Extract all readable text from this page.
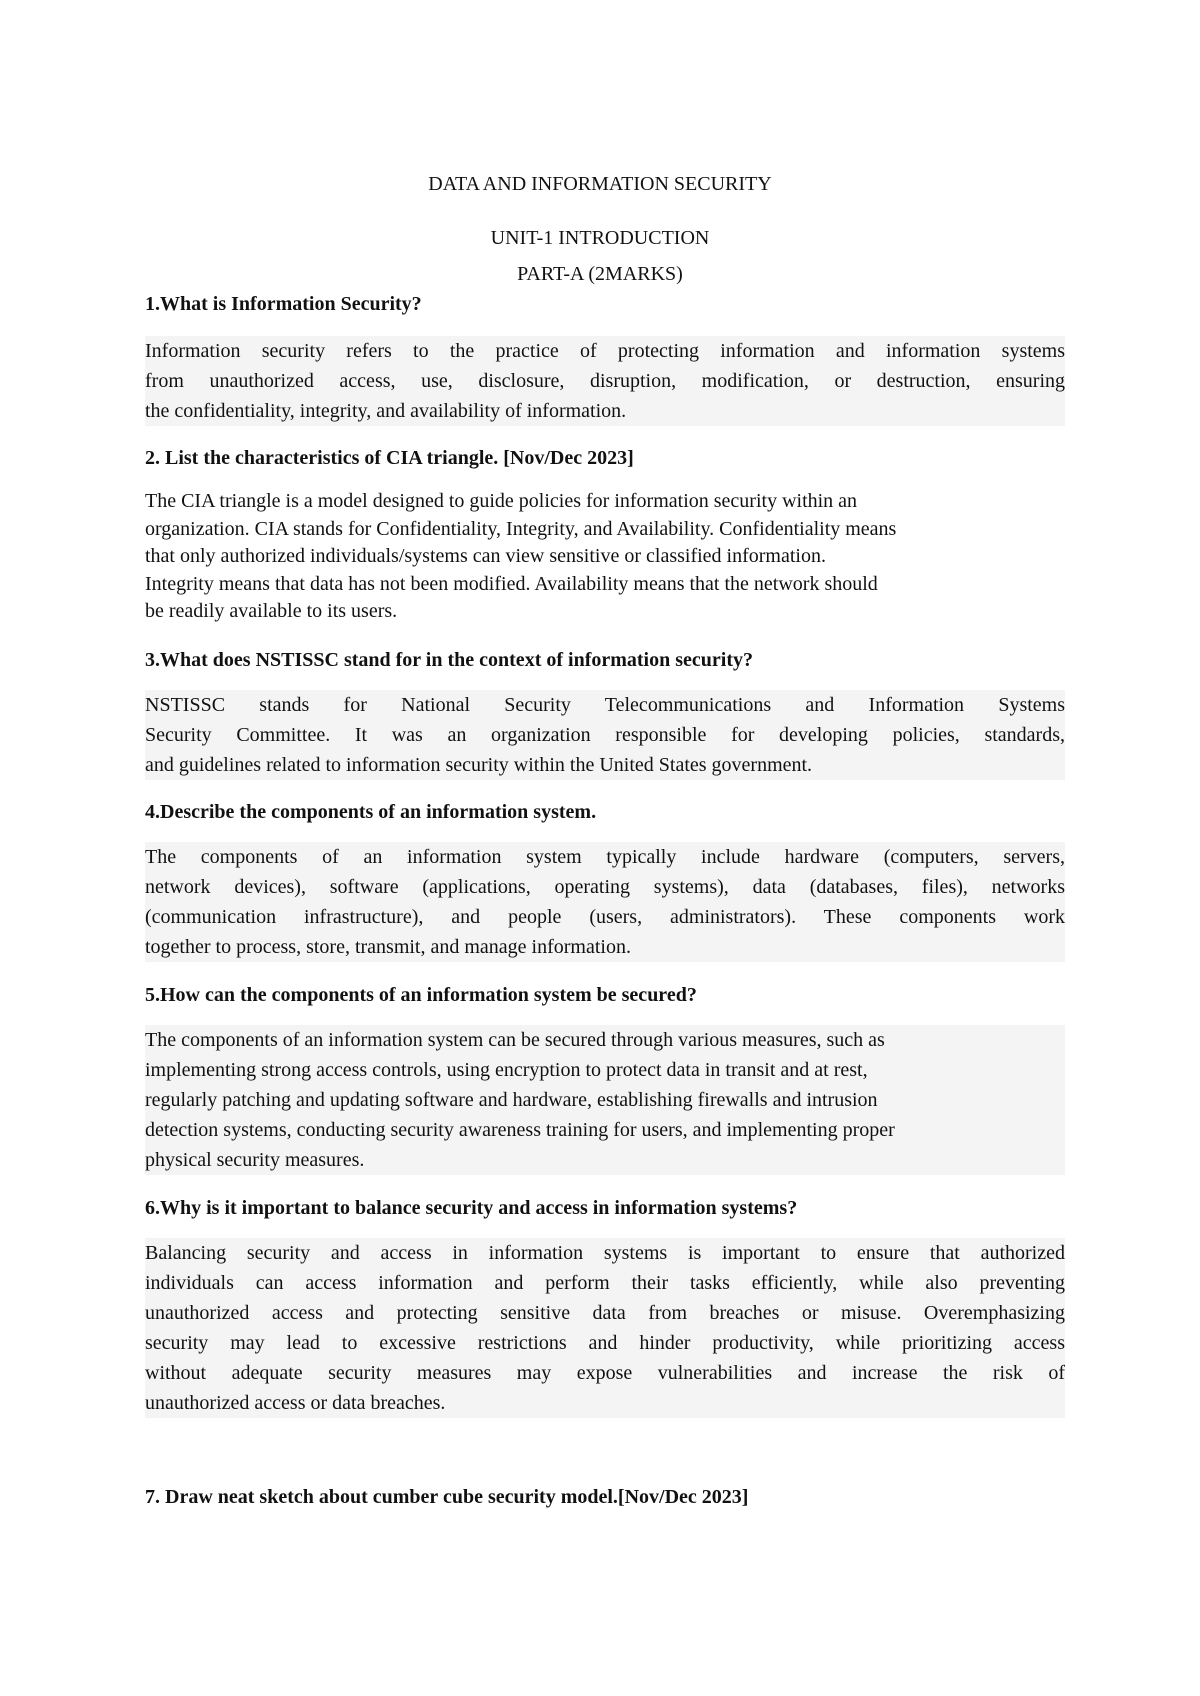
DATA AND INFORMATION SECURITY
UNIT-1 INTRODUCTION
PART-A (2MARKS)
1.What is Information Security?
Information security refers to the practice of protecting information and information systems
from unauthorized access, use, disclosure, disruption, modification, or destruction, ensuring
the confidentiality, integrity, and availability of information.
2. List the characteristics of CIA triangle. [Nov/Dec 2023]
The CIA triangle is a model designed to guide policies for information security within an
organization. CIA stands for Confidentiality, Integrity, and Availability. Confidentiality means
that only authorized individuals/systems can view sensitive or classified information.
Integrity means that data has not been modified. Availability means that the network should
be readily available to its users.
3.What does NSTISSC stand for in the context of information security?
NSTISSC stands for National Security Telecommunications and Information Systems
Security Committee. It was an organization responsible for developing policies, standards,
and guidelines related to information security within the United States government.
4.Describe the components of an information system.
The components of an information system typically include hardware (computers, servers,
network devices), software (applications, operating systems), data (databases, files), networks
(communication infrastructure), and people (users, administrators). These components work
together to process, store, transmit, and manage information.
5.How can the components of an information system be secured?
The components of an information system can be secured through various measures, such as
implementing strong access controls, using encryption to protect data in transit and at rest,
regularly patching and updating software and hardware, establishing firewalls and intrusion
detection systems, conducting security awareness training for users, and implementing proper
physical security measures.
6.Why is it important to balance security and access in information systems?
Balancing security and access in information systems is important to ensure that authorized
individuals can access information and perform their tasks efficiently, while also preventing
unauthorized access and protecting sensitive data from breaches or misuse. Overemphasizing
security may lead to excessive restrictions and hinder productivity, while prioritizing access
without adequate security measures may expose vulnerabilities and increase the risk of
unauthorized access or data breaches.
7. Draw neat sketch about cumber cube security model.[Nov/Dec 2023]
